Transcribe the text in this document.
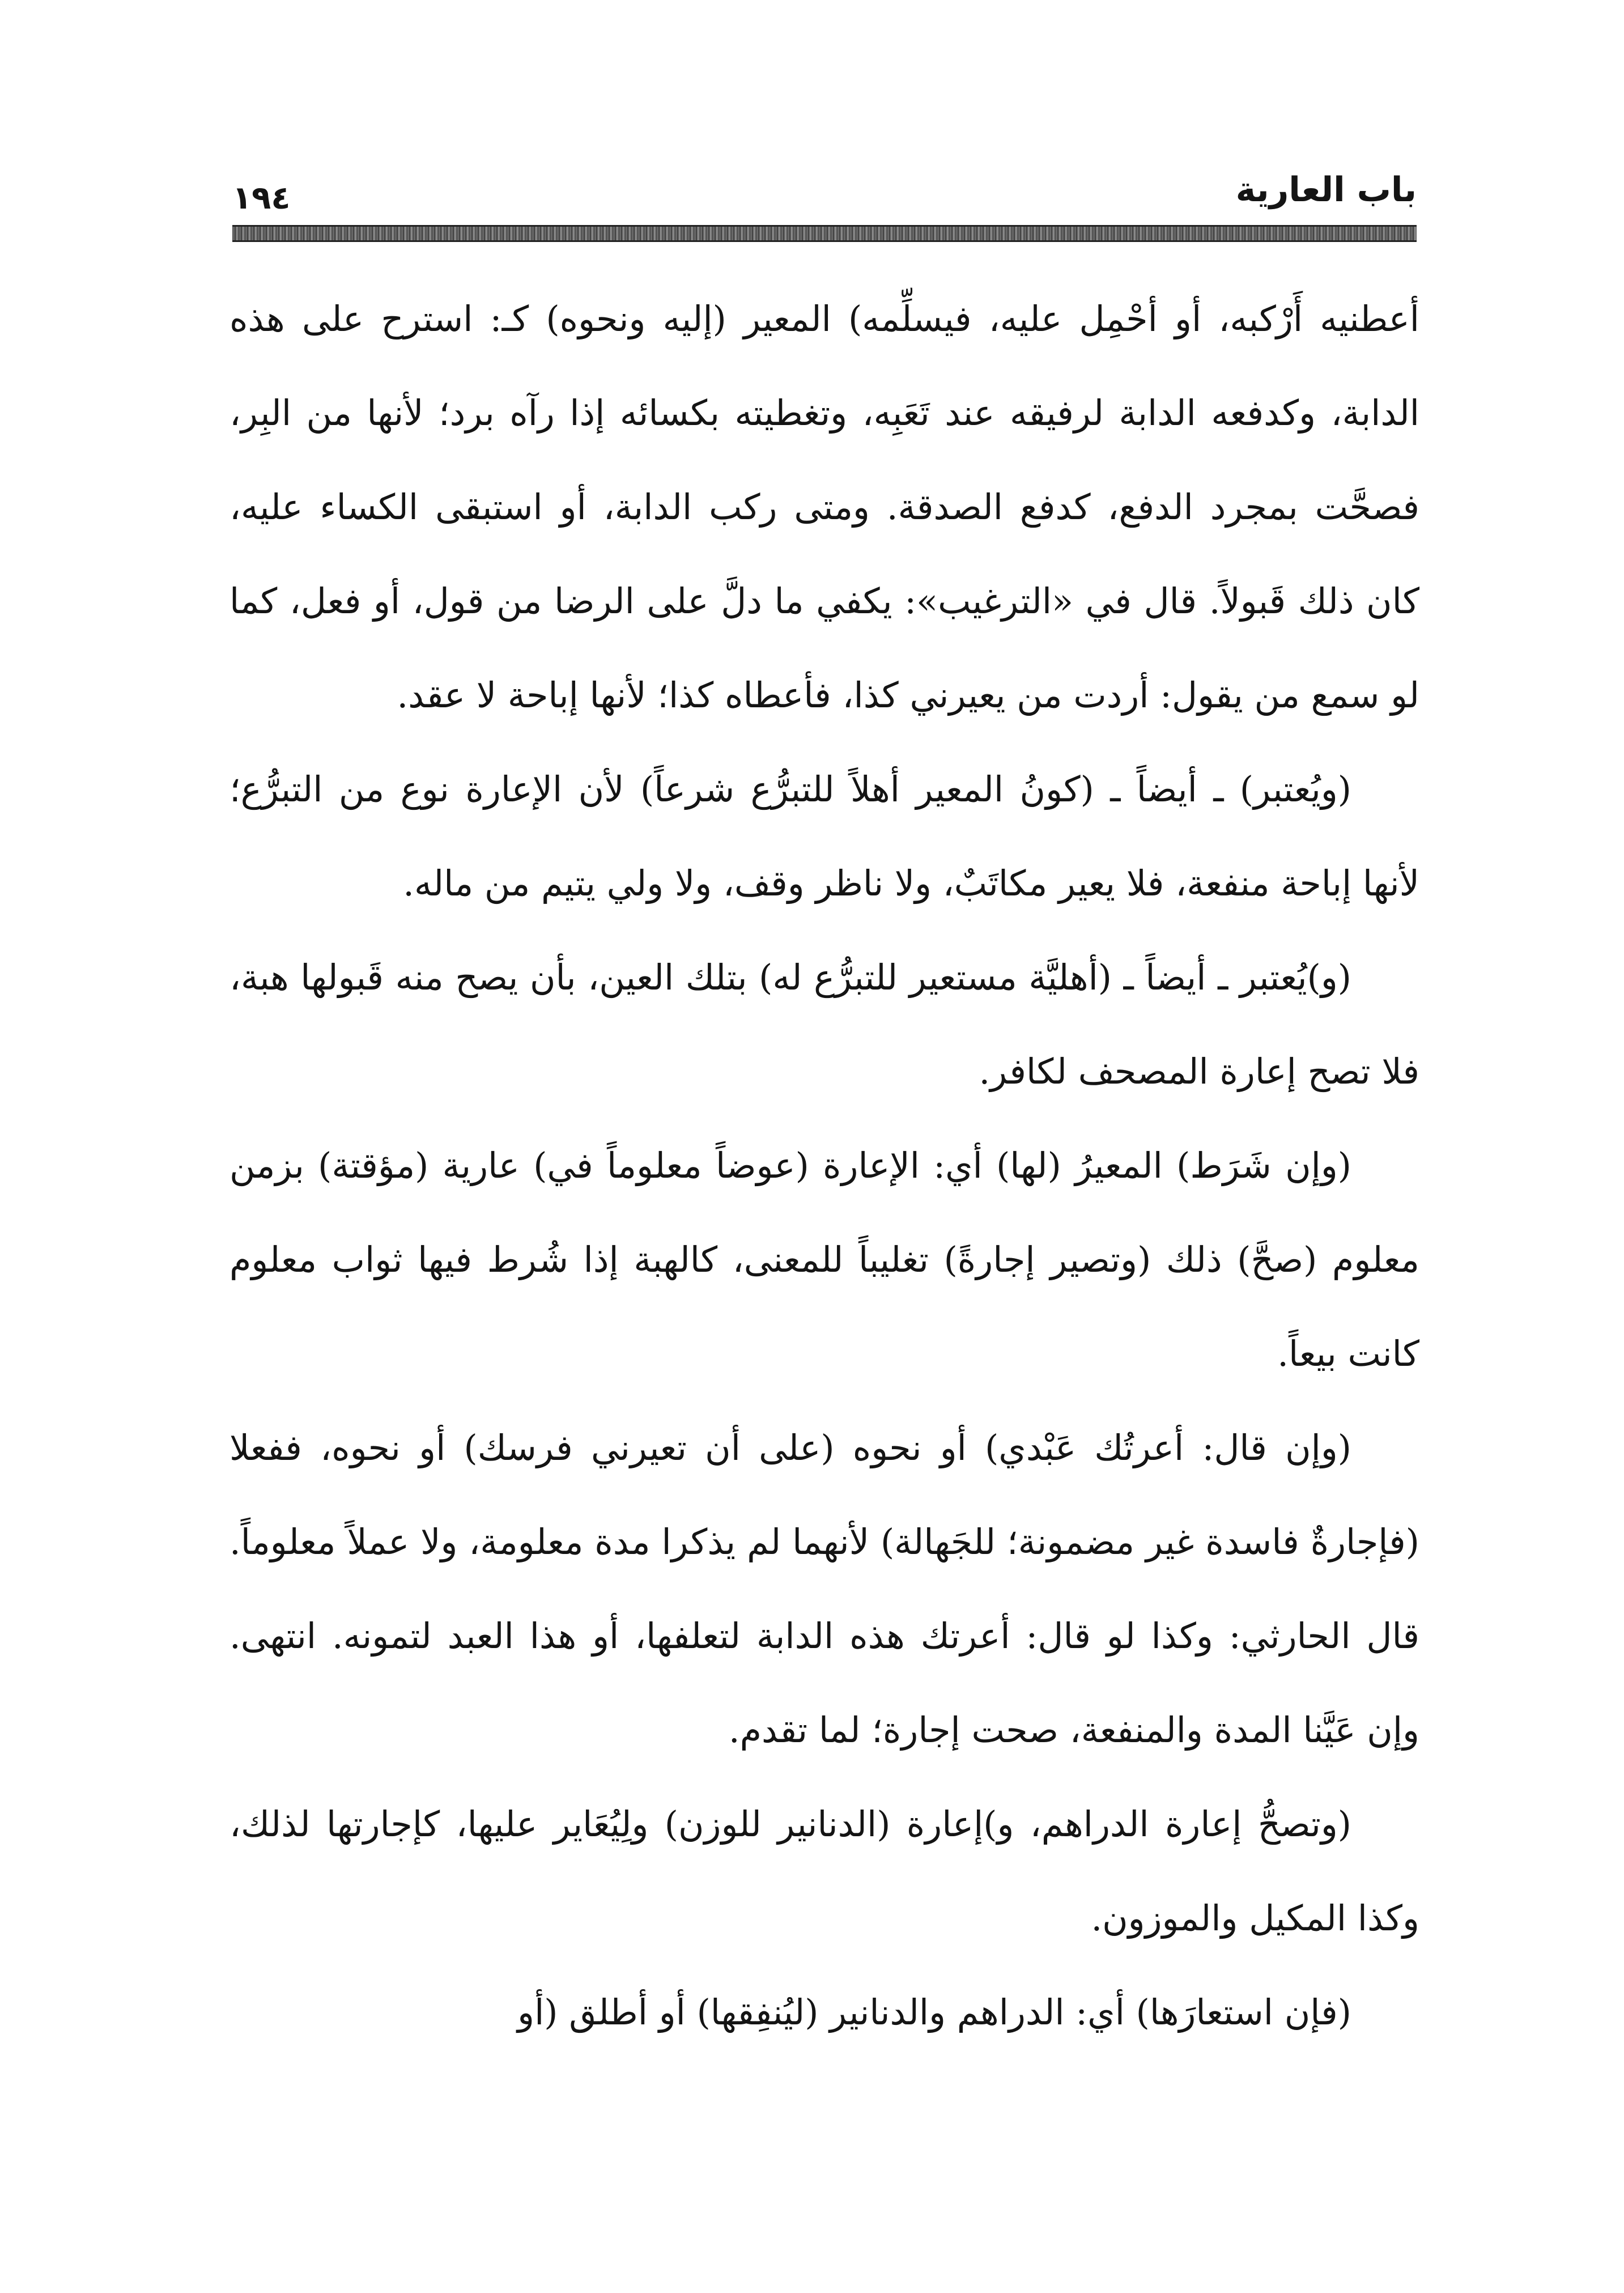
باب العارية
١٩٤

أعطنيه أَرْكبه، أو أحْمِل عليه، فيسلِّمه) المعير (إليه ونحوه) كـ: استرح على هذه الدابة، وكدفعه الدابة لرفيقه عند تَعَبِه، وتغطيته بكسائه إذا رآه برد؛ لأنها من البِر، فصحَّت بمجرد الدفع، كدفع الصدقة. ومتى ركب الدابة، أو استبقى الكساء عليه، كان ذلك قَبولاً. قال في «الترغيب»: يكفي ما دلَّ على الرضا من قول، أو فعل، كما لو سمع من يقول: أردت من يعيرني كذا، فأعطاه كذا؛ لأنها إباحة لا عقد.

(ويُعتبر) ـ أيضاً ـ (كونُ المعير أهلاً للتبرُّع شرعاً) لأن الإعارة نوع من التبرُّع؛ لأنها إباحة منفعة، فلا يعير مكاتَبٌ، ولا ناظر وقف، ولا ولي يتيم من ماله.

(و)يُعتبر ـ أيضاً ـ (أهليَّة مستعير للتبرُّع له) بتلك العين، بأن يصح منه قَبولها هبة، فلا تصح إعارة المصحف لكافر.

(وإن شَرَط) المعيرُ (لها) أي: الإعارة (عوضاً معلوماً في) عارية (مؤقتة) بزمن معلوم (صحَّ) ذلك (وتصير إجارةً) تغليباً للمعنى، كالهبة إذا شُرط فيها ثواب معلوم كانت بيعاً.

(وإن قال: أعرتُك عَبْدي) أو نحوه (على أن تعيرني فرسك) أو نحوه، ففعلا (فإجارةٌ فاسدة غير مضمونة؛ للجَهالة) لأنهما لم يذكرا مدة معلومة، ولا عملاً معلوماً. قال الحارثي: وكذا لو قال: أعرتك هذه الدابة لتعلفها، أو هذا العبد لتمونه. انتهى. وإن عَيَّنا المدة والمنفعة، صحت إجارة؛ لما تقدم.

(وتصحُّ إعارة الدراهم، و)إعارة (الدنانير للوزن) ولِيُعَاير عليها، كإجارتها لذلك، وكذا المكيل والموزون.

(فإن استعارَها) أي: الدراهم والدنانير (ليُنفِقها) أو أطلق (أو
